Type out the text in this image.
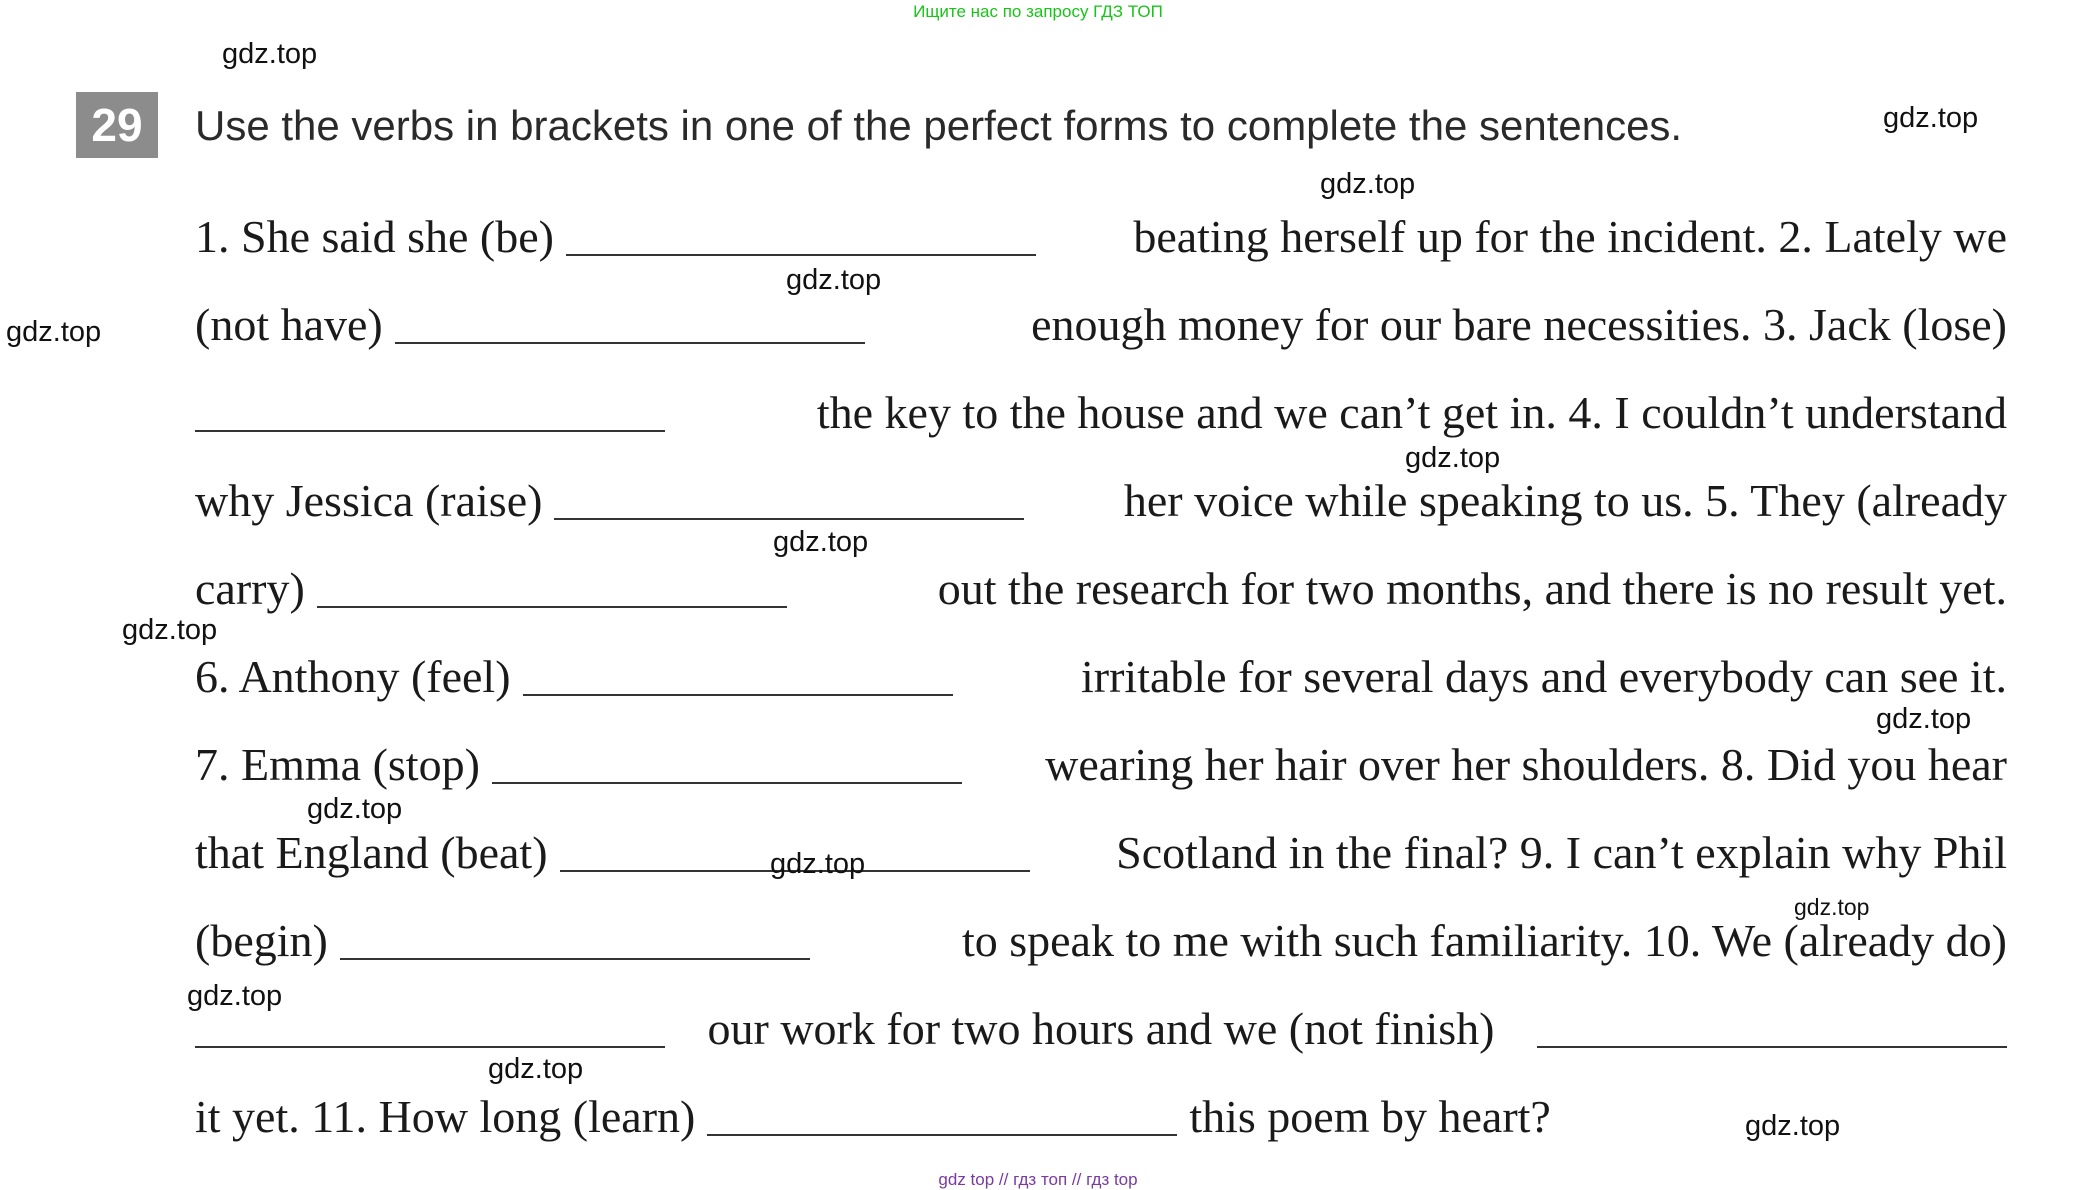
Ищите нас по запросу ГДЗ ТОП
29	Use the verbs in brackets in one of the perfect forms to complete the sentences.
1. She said she (be)	beating herself up for the incident. 2. Lately we
(not have)	enough money for our bare necessities. 3. Jack (lose)
the key to the house and we can’t get in. 4. I couldn’t understand
why Jessica (raise)	her voice while speaking to us. 5. They (already
carry)	out the research for two months, and there is no result yet.
6. Anthony (feel)	irritable for several days and everybody can see it.
7. Emma (stop)	wearing her hair over her shoulders. 8. Did you hear
that England (beat)	Scotland in the final? 9. I can’t explain why Phil
(begin)	to speak to me with such familiarity. 10. We (already do)
our work for two hours and we (not finish)
it yet. 11. How long (learn)	this poem by heart?
gdz.top
gdz.top
gdz.top
gdz.top
gdz.top
gdz.top
gdz.top
gdz.top
gdz.top
gdz.top
gdz.top
gdz.top
gdz.top
gdz.top
gdz.top
gdz top // гдз топ // гдз top
